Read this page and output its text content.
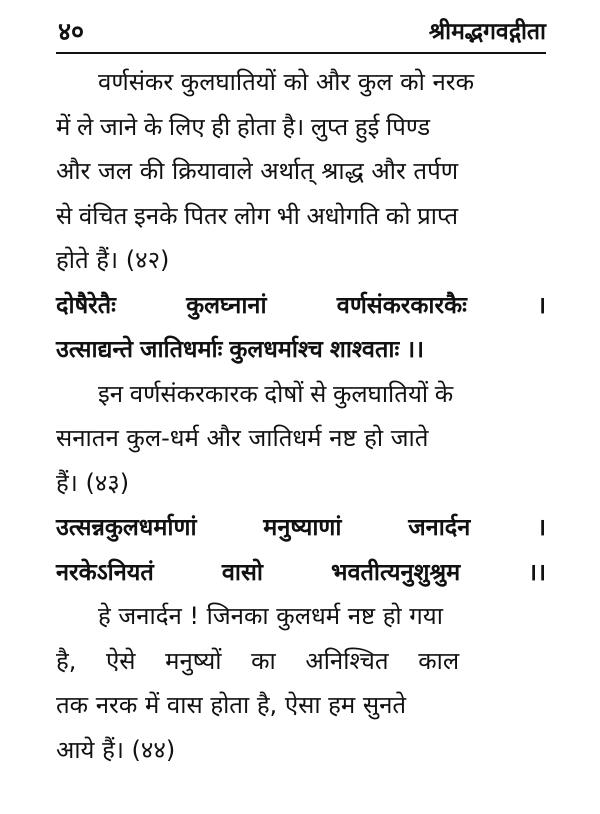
४०	श्रीमद्भगवद्गीता

वर्णसंकर कुलघातियों को और कुल को नरक

में ले जाने के लिए ही होता है। लुप्त हुई पिण्ड

और जल की क्रियावाले अर्थात् श्राद्ध और तर्पण

से वंचित इनके पितर लोग भी अधोगति को प्राप्त

होते हैं। (४२)

दोषैरेतैः	कुलघ्नानां	वर्णसंकरकारकैः	।
उत्साद्यन्ते जातिधर्माः कुलधर्माश्च शाश्वताः ।।

इन वर्णसंकरकारक दोषों से कुलघातियों के

सनातन कुल-धर्म और जातिधर्म नष्ट हो जाते

हैं। (४३)

उत्सन्नकुलधर्माणां	मनुष्याणां	जनार्दन	।
नरकेऽनियतं	वासो	भवतीत्यनुशुश्रुम	।।

हे जनार्दन ! जिनका कुलधर्म नष्ट हो गया

है, ऐसे मनुष्यों का अनिश्चित काल

तक नरक में वास होता है, ऐसा हम सुनते

आये हैं। (४४)
